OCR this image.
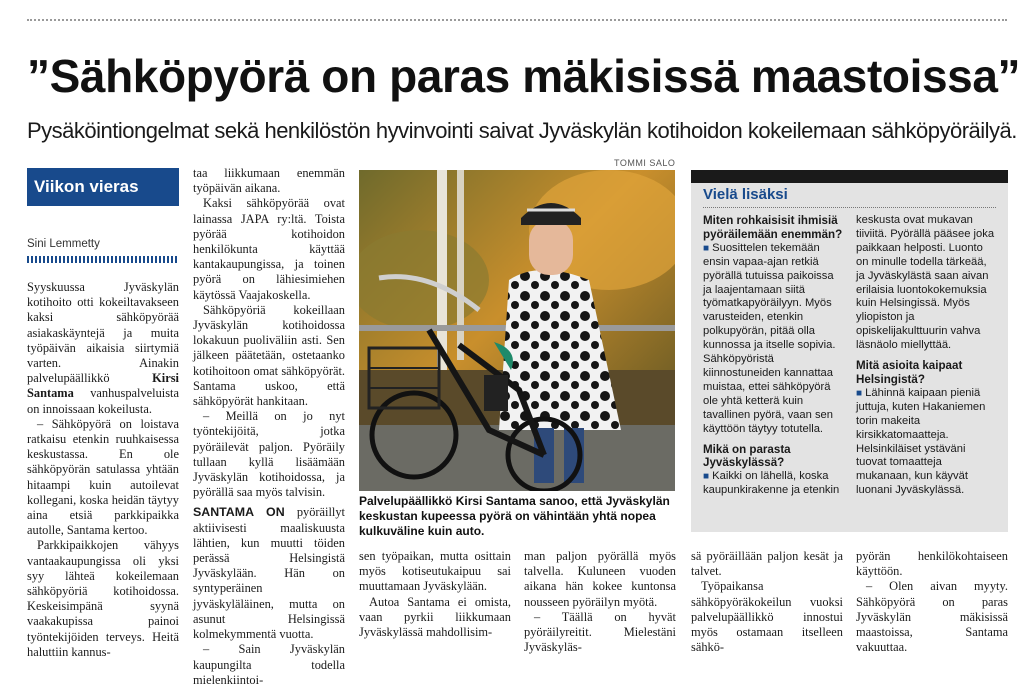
”Sähköpyörä on paras mäkisissä maastoissa”
Pysäköintiongelmat sekä henkilöstön hyvinvointi saivat Jyväskylän kotihoidon kokeilemaan sähköpyöräilyä.
Viikon vieras
Sini Lemmetty

Syyskuussa Jyväskylän kotihoito otti kokeiltavakseen kaksi sähköpyörää asiakaskäyntejä ja muita työpäivän aikaisia siirtymiä varten. Ainakin palvelupäällikkö	Kirsi Santama vanhuspalveluista on innoissaan kokeilusta.

– Sähköpyörä on loistava ratkaisu etenkin ruuhkaisessa keskustassa. En ole sähköpyörän satulassa yhtään hitaampi kuin autoilevat kollegani, koska heidän täytyy aina etsiä parkkipaikka autolle, Santama kertoo.

Parkkipaikkojen vähyys vantaakaupungissa oli yksi syy lähteä kokeilemaan sähköpyöriä kotihoidossa. Keskeisimpänä syynä vaakakupissa painoi työntekijöiden terveys. Heitä haluttiin kannus-

taa liikkumaan enemmän työpäivän aikana.

Kaksi sähköpyörää ovat lainassa JAPA ry:ltä. Toista pyörää kotihoidon henkilökunta käyttää kantakaupungissa, ja toinen pyörä on lähiesimiehen käytössä Vaajakoskella.

Sähköpyöriä kokeillaan Jyväskylän kotihoidossa lokakuun puoliväliin asti. Sen jälkeen päätetään, ostetaanko kotihoitoon omat sähköpyörät. Santama uskoo, että sähköpyörät hankitaan.

– Meillä on jo nyt työntekijöitä, jotka pyöräilevät paljon. Pyöräily tullaan kyllä lisäämään Jyväskylän kotihoidossa, ja pyörällä saa myös talvisin.

SANTAMA ON pyöräillyt aktiivisesti maaliskuusta lähtien, kun muutti töiden perässä Helsingistä Jyväskylään. Hän on syntyperäinen jyväskyläläinen, mutta on asunut Helsingissä kolmekymmentä vuotta.

– Sain Jyväskylän kaupungilta todella mielenkiintoi-

TOMMI SALO
Palvelupäällikkö Kirsi Santama sanoo, että Jyväskylän keskustan kupeessa pyörä on vähintään yhtä nopea kulkuväline kuin auto.
Vielä lisäksi

Miten rohkaisisit ihmisiä pyöräilemään enemmän?

■ Suosittelen tekemään ensin vapaa-ajan retkiä pyörällä tutuissa paikoissa ja laajentamaan siitä työmatkapyöräilyyn. Myös varusteiden, etenkin polkupyörän, pitää olla kunnossa ja itselle sopivia. Sähköpyöristä kiinnostuneiden kannattaa muistaa, ettei sähköpyörä ole yhtä ketterä kuin tavallinen pyörä, vaan sen käyttöön täytyy totutella.

Mikä on parasta Jyväskylässä?

■ Kaikki on lähellä, koska kaupunkirakenne ja etenkin

keskusta ovat mukavan tiiviitä. Pyörällä pääsee joka paikkaan helposti. Luonto on minulle todella tärkeää, ja Jyväskylästä saan aivan erilaisia luontokokemuksia kuin Helsingissä. Myös yliopiston ja opiskelijakulttuurin vahva läsnäolo miellyttää.

Mitä asioita kaipaat Helsingistä?

■ Lähinnä kaipaan pieniä juttuja, kuten Hakaniemen torin makeita kirsikkatomaatteja. Helsinkiläiset ystäväni tuovat tomaatteja mukanaan, kun käyvät luonani Jyväskylässä.

sen työpaikan, mutta osittain myös kotiseutukaipuu sai muuttamaan Jyväskylään.

Autoa Santama ei omista, vaan pyrkii liikkumaan Jyväskylässä mahdollisim-

man paljon pyörällä myös talvella. Kuluneen vuoden aikana hän kokee kuntonsa nousseen pyöräilyn myötä.

– Täällä on hyvät pyöräilyreitit. Mielestäni Jyväskyläs-

sä pyöräillään paljon kesät ja talvet.

Työpaikansa sähköpyöräkokeilun vuoksi palvelupäällikkö innostui myös ostamaan itselleen sähkö-

pyörän henkilökohtaiseen käyttöön.

– Olen aivan myyty. Sähköpyörä on paras Jyväskylän mäkisissä maastoissa, Santama vakuuttaa.
